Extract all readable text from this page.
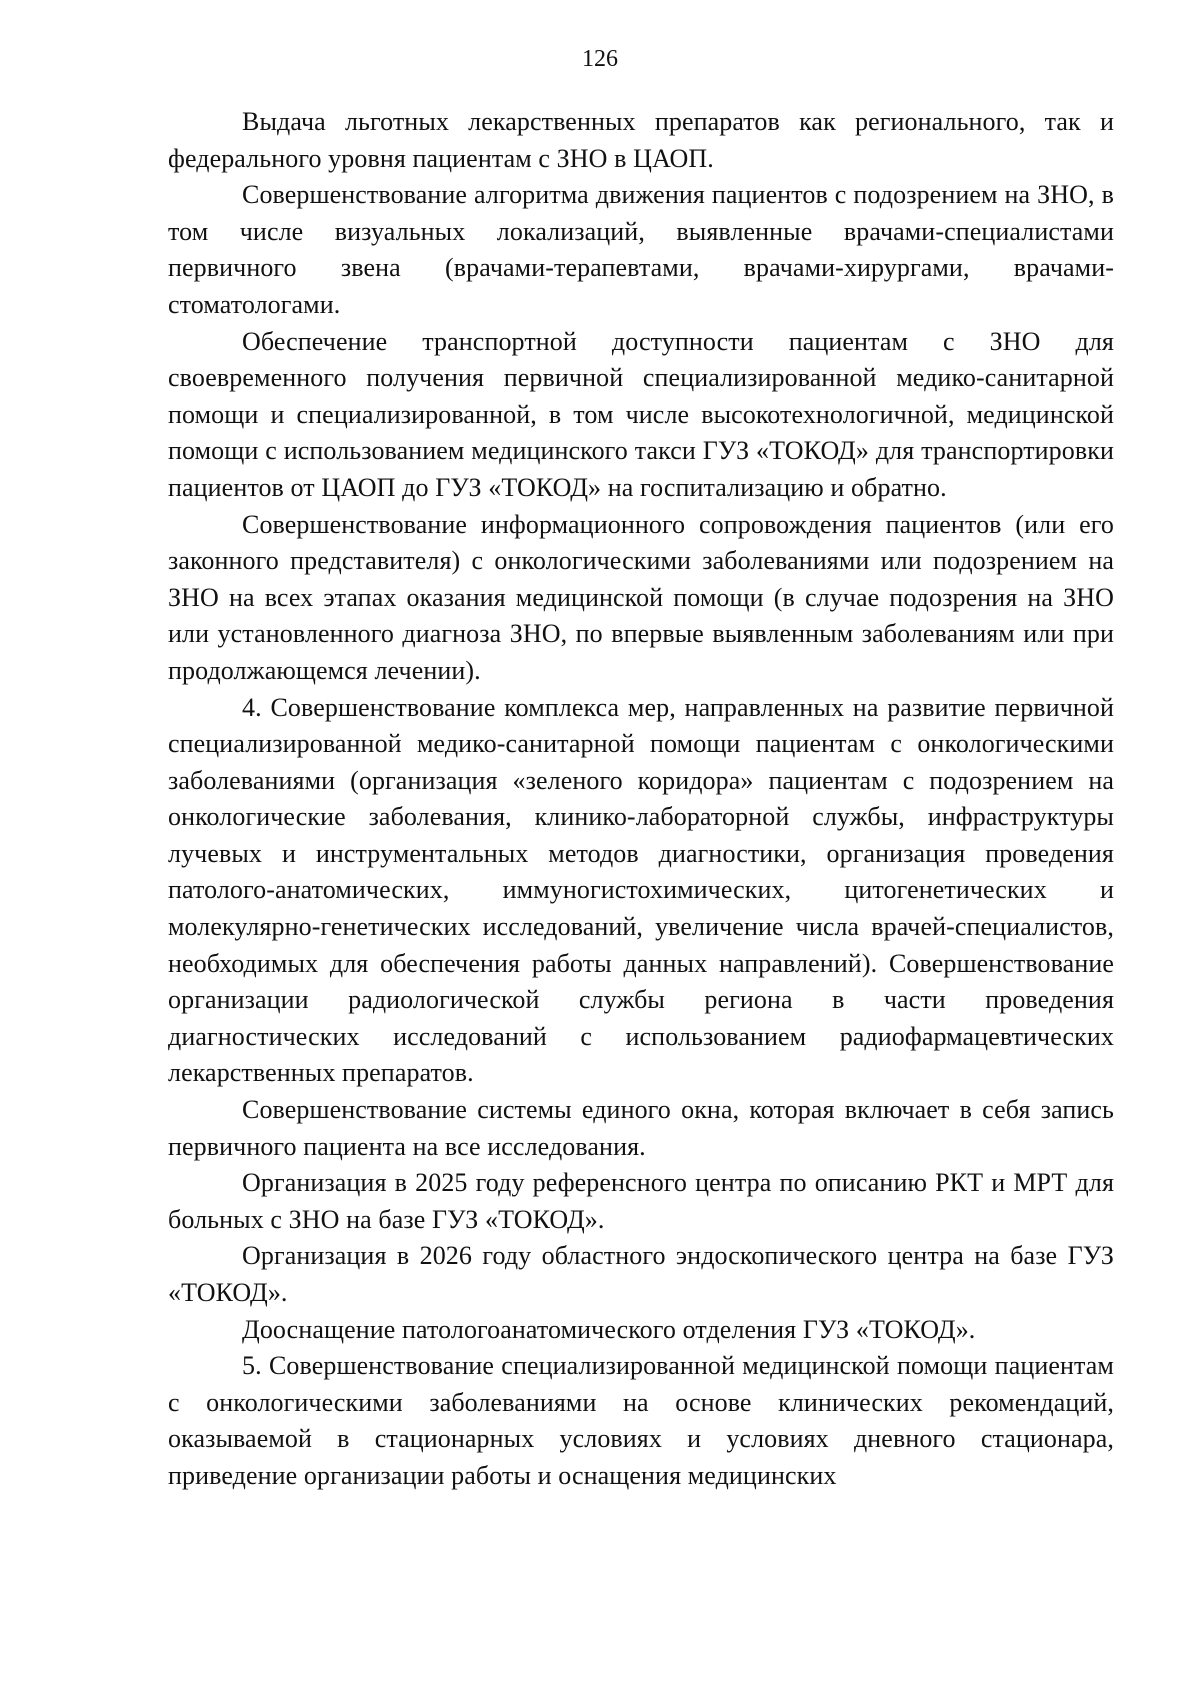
126

Выдача льготных лекарственных препаратов как регионального, так и федерального уровня пациентам с ЗНО в ЦАОП.

Совершенствование алгоритма движения пациентов с подозрением на ЗНО, в том числе визуальных локализаций, выявленные врачами-специалистами первичного звена (врачами-терапевтами, врачами-хирургами, врачами-стоматологами.

Обеспечение транспортной доступности пациентам с ЗНО для своевременного получения первичной специализированной медико-санитарной помощи и специализированной, в том числе высокотехнологичной, медицинской помощи с использованием медицинского такси ГУЗ «ТОКОД» для транспортировки пациентов от ЦАОП до ГУЗ «ТОКОД» на госпитализацию и обратно.

Совершенствование информационного сопровождения пациентов (или его законного представителя) с онкологическими заболеваниями или подозрением на ЗНО на всех этапах оказания медицинской помощи (в случае подозрения на ЗНО или установленного диагноза ЗНО, по впервые выявленным заболеваниям или при продолжающемся лечении).

4. Совершенствование комплекса мер, направленных на развитие первичной специализированной медико-санитарной помощи пациентам с онкологическими заболеваниями (организация «зеленого коридора» пациентам с подозрением на онкологические заболевания, клинико-лабораторной службы, инфраструктуры лучевых и инструментальных методов диагностики, организация проведения патолого-анатомических, иммуногистохимических, цитогенетических и молекулярно-генетических исследований, увеличение числа врачей-специалистов, необходимых для обеспечения работы данных направлений). Совершенствование организации радиологической службы региона в части проведения диагностических исследований с использованием радиофармацевтических лекарственных препаратов.

Совершенствование системы единого окна, которая включает в себя запись первичного пациента на все исследования.

Организация в 2025 году референсного центра по описанию РКТ и МРТ для больных с ЗНО на базе ГУЗ «ТОКОД».

Организация в 2026 году областного эндоскопического центра на базе ГУЗ «ТОКОД».

Дооснащение патологоанатомического отделения ГУЗ «ТОКОД».

5. Совершенствование специализированной медицинской помощи пациентам с онкологическими заболеваниями на основе клинических рекомендаций, оказываемой в стационарных условиях и условиях дневного стационара, приведение организации работы и оснащения медицинских
